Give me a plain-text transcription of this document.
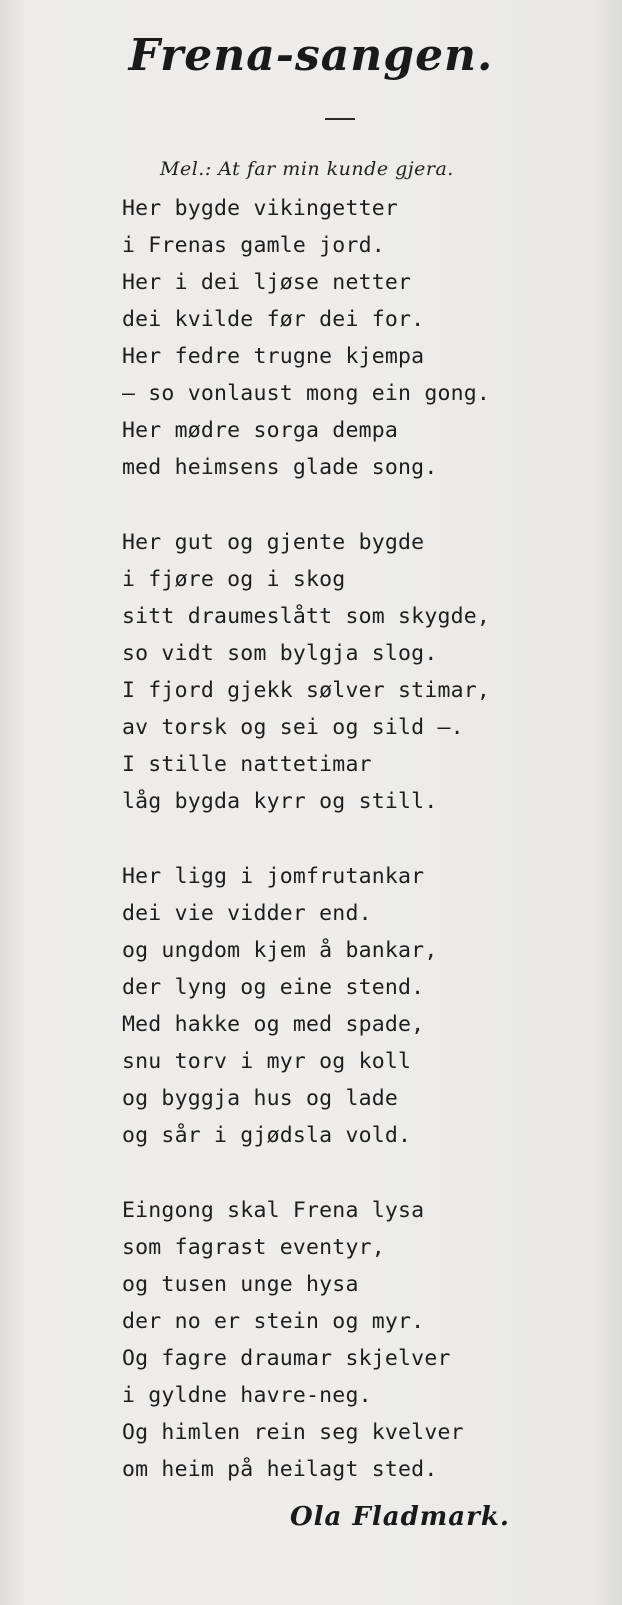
Frena-sangen.
Mel.: At far min kunde gjera.
Her bygde vikingetter
i Frenas gamle jord.
Her i dei ljøse netter
dei kvilde før dei for.
Her fedre trugne kjempa
— so vonlaust mong ein gong.
Her mødre sorga dempa
med heimsens glade song.
Her gut og gjente bygde
i fjøre og i skog
sitt draumeslått som skygde,
so vidt som bylgja slog.
I fjord gjekk sølver stimar,
av torsk og sei og sild —.
I stille nattetimar
låg bygda kyrr og still.
Her ligg i jomfrutankar
dei vie vidder end.
og ungdom kjem å bankar,
der lyng og eine stend.
Med hakke og med spade,
snu torv i myr og koll
og byggja hus og lade
og sår i gjødsla vold.
Eingong skal Frena lysa
som fagrast eventyr,
og tusen unge hysa
der no er stein og myr.
Og fagre draumar skjelver
i gyldne havre-neg.
Og himlen rein seg kvelver
om heim på heilagt sted.
Ola Fladmark.
